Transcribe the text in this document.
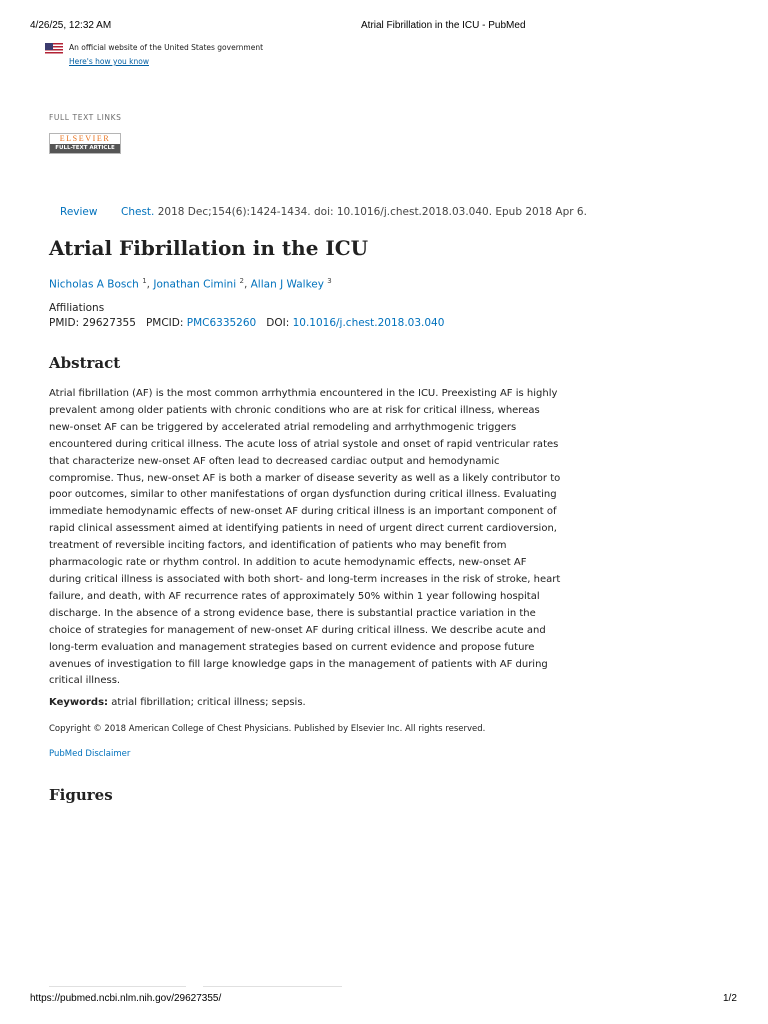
4/26/25, 12:32 AM	Atrial Fibrillation in the ICU - PubMed
An official website of the United States government
Here's how you know
FULL TEXT LINKS
ELSEVIER
FULL-TEXT ARTICLE
Review Chest. 2018 Dec;154(6):1424-1434. doi: 10.1016/j.chest.2018.03.040. Epub 2018 Apr 6.
Atrial Fibrillation in the ICU
Nicholas A Bosch $^1$, Jonathan Cimini $^2$, Allan J Walkey $^3$
Affiliations
PMID: 29627355 PMCID: PMC6335260 DOI: 10.1016/j.chest.2018.03.040
Abstract
Atrial fibrillation (AF) is the most common arrhythmia encountered in the ICU. Preexisting AF is highly
prevalent among older patients with chronic conditions who are at risk for critical illness, whereas
new-onset AF can be triggered by accelerated atrial remodeling and arrhythmogenic triggers
encountered during critical illness. The acute loss of atrial systole and onset of rapid ventricular rates
that characterize new-onset AF often lead to decreased cardiac output and hemodynamic
compromise. Thus, new-onset AF is both a marker of disease severity as well as a likely contributor to
poor outcomes, similar to other manifestations of organ dysfunction during critical illness. Evaluating
immediate hemodynamic effects of new-onset AF during critical illness is an important component of
rapid clinical assessment aimed at identifying patients in need of urgent direct current cardioversion,
treatment of reversible inciting factors, and identification of patients who may benefit from
pharmacologic rate or rhythm control. In addition to acute hemodynamic effects, new-onset AF
during critical illness is associated with both short- and long-term increases in the risk of stroke, heart
failure, and death, with AF recurrence rates of approximately 50% within 1 year following hospital
discharge. In the absence of a strong evidence base, there is substantial practice variation in the
choice of strategies for management of new-onset AF during critical illness. We describe acute and
long-term evaluation and management strategies based on current evidence and propose future
avenues of investigation to fill large knowledge gaps in the management of patients with AF during
critical illness.
Keywords: atrial fibrillation; critical illness; sepsis.
Copyright © 2018 American College of Chest Physicians. Published by Elsevier Inc. All rights reserved.
PubMed Disclaimer
Figures
https://pubmed.ncbi.nlm.nih.gov/29627355/	1/2
